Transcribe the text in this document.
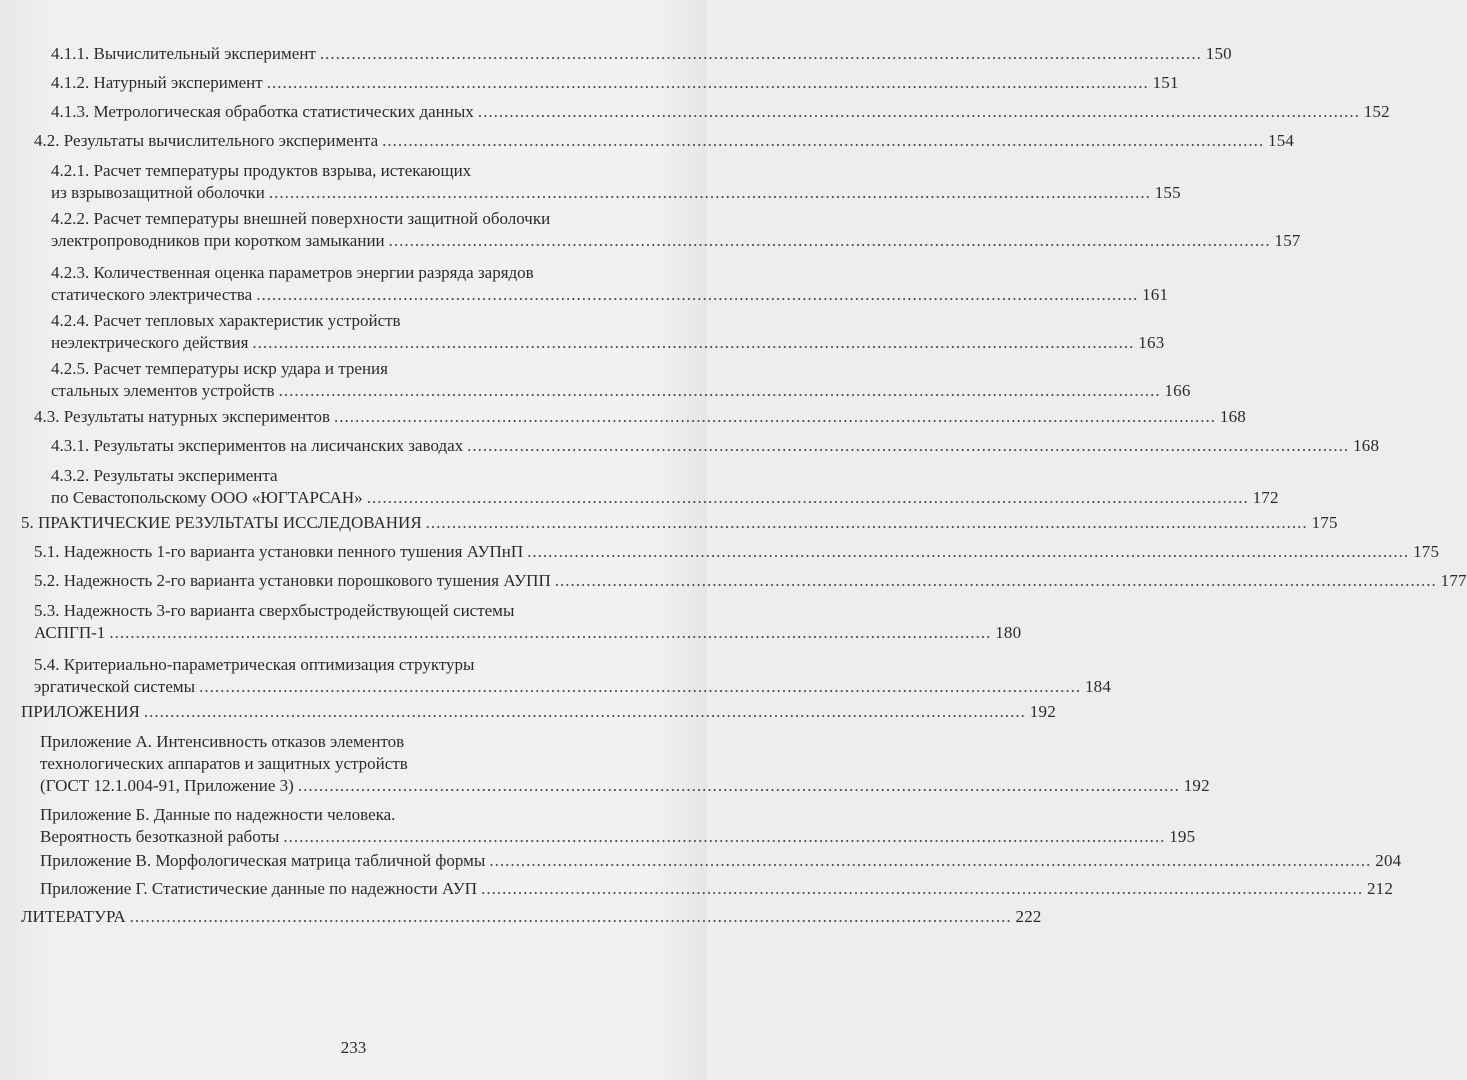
4.1.1. Вычислительный эксперимент ........................................................................................................................................................................ 150
4.1.2. Натурный эксперимент ........................................................................................................................................................................ 151
4.1.3. Метрологическая обработка статистических данных ........................................................................................................................................................................ 152
4.2. Результаты вычислительного эксперимента ........................................................................................................................................................................ 154
4.2.1. Расчет температуры продуктов взрыва, истекающих
из взрывозащитной оболочки ........................................................................................................................................................................ 155
4.2.2. Расчет температуры внешней поверхности защитной оболочки
электропроводников при коротком замыкании ........................................................................................................................................................................ 157
4.2.3. Количественная оценка параметров энергии разряда зарядов
статического электричества ........................................................................................................................................................................ 161
4.2.4. Расчет тепловых характеристик устройств
неэлектрического действия ........................................................................................................................................................................ 163
4.2.5. Расчет температуры искр удара и трения
стальных элементов устройств ........................................................................................................................................................................ 166
4.3. Результаты натурных экспериментов ........................................................................................................................................................................ 168
4.3.1. Результаты экспериментов на лисичанских заводах ........................................................................................................................................................................ 168
4.3.2. Результаты эксперимента
по Севастопольскому ООО «ЮГТАРСАН» ........................................................................................................................................................................ 172
5. ПРАКТИЧЕСКИЕ РЕЗУЛЬТАТЫ ИССЛЕДОВАНИЯ ........................................................................................................................................................................ 175
5.1. Надежность 1-го варианта установки пенного тушения АУПнП ........................................................................................................................................................................ 175
5.2. Надежность 2-го варианта установки порошкового тушения АУПП ........................................................................................................................................................................ 177
5.3. Надежность 3-го варианта сверхбыстродействующей системы
АСПГП-1 ........................................................................................................................................................................ 180
5.4. Критериально-параметрическая оптимизация структуры
эргатической системы ........................................................................................................................................................................ 184
ПРИЛОЖЕНИЯ ........................................................................................................................................................................ 192
Приложение А. Интенсивность отказов элементов
технологических аппаратов и защитных устройств
(ГОСТ 12.1.004-91, Приложение 3) ........................................................................................................................................................................ 192
Приложение Б. Данные по надежности человека.
Вероятность безотказной работы ........................................................................................................................................................................ 195
Приложение В. Морфологическая матрица табличной формы ........................................................................................................................................................................ 204
Приложение Г. Статистические данные по надежности АУП ........................................................................................................................................................................ 212
ЛИТЕРАТУРА ........................................................................................................................................................................ 222
233
